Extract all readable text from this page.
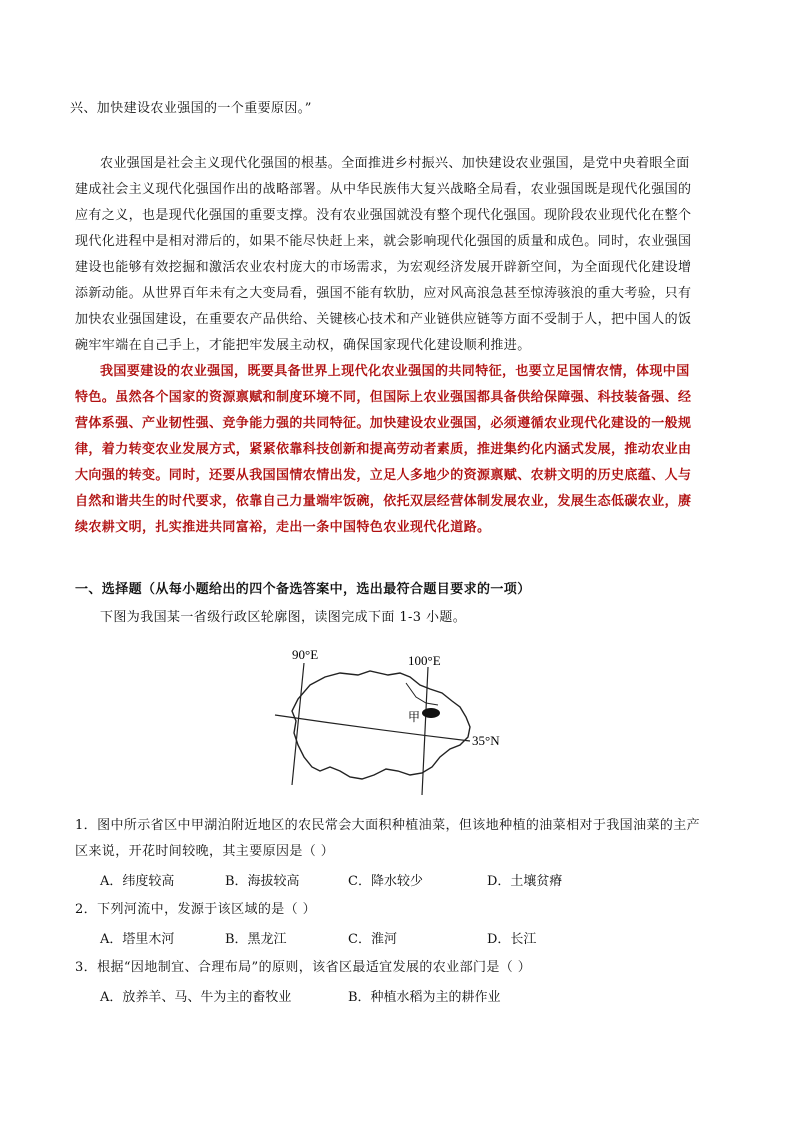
兴、加快建设农业强国的一个重要原因。”
农业强国是社会主义现代化强国的根基。全面推进乡村振兴、加快建设农业强国，是党中央着眼全面
建成社会主义现代化强国作出的战略部署。从中华民族伟大复兴战略全局看，农业强国既是现代化强国的
应有之义，也是现代化强国的重要支撑。没有农业强国就没有整个现代化强国。现阶段农业现代化在整个
现代化进程中是相对滞后的，如果不能尽快赶上来，就会影响现代化强国的质量和成色。同时，农业强国
建设也能够有效挖掘和激活农业农村庞大的市场需求，为宏观经济发展开辟新空间，为全面现代化建设增
添新动能。从世界百年未有之大变局看，强国不能有软肋，应对风高浪急甚至惊涛骇浪的重大考验，只有
加快农业强国建设，在重要农产品供给、关键核心技术和产业链供应链等方面不受制于人，把中国人的饭
碗牢牢端在自己手上，才能把牢发展主动权，确保国家现代化建设顺利推进。
我国要建设的农业强国，既要具备世界上现代化农业强国的共同特征，也要立足国情农情，体现中国
特色。虽然各个国家的资源禀赋和制度环境不同，但国际上农业强国都具备供给保障强、科技装备强、经
营体系强、产业韧性强、竞争能力强的共同特征。加快建设农业强国，必须遵循农业现代化建设的一般规
律，着力转变农业发展方式，紧紧依靠科技创新和提高劳动者素质，推进集约化内涵式发展，推动农业由
大向强的转变。同时，还要从我国国情农情出发，立足人多地少的资源禀赋、农耕文明的历史底蕴、人与
自然和谐共生的时代要求，依靠自己力量端牢饭碗，依托双层经营体制发展农业，发展生态低碳农业，赓
续农耕文明，扎实推进共同富裕，走出一条中国特色农业现代化道路。
一、选择题（从每小题给出的四个备选答案中，选出最符合题目要求的一项）
下图为我国某一省级行政区轮廓图，读图完成下面 1-3 小题。
90°E	100°E
35°N
甲
1．图中所示省区中甲湖泊附近地区的农民常会大面积种植油菜，但该地种植的油菜相对于我国油菜的主产
区来说，开花时间较晚，其主要原因是（ ）
A．纬度较高	B．海拔较高	C．降水较少	D．土壤贫瘠
2．下列河流中，发源于该区域的是（ ）
A．塔里木河	B．黑龙江	C．淮河	D．长江
3．根据“因地制宜、合理布局”的原则，该省区最适宜发展的农业部门是（ ）
A．放养羊、马、牛为主的畜牧业	B．种植水稻为主的耕作业
